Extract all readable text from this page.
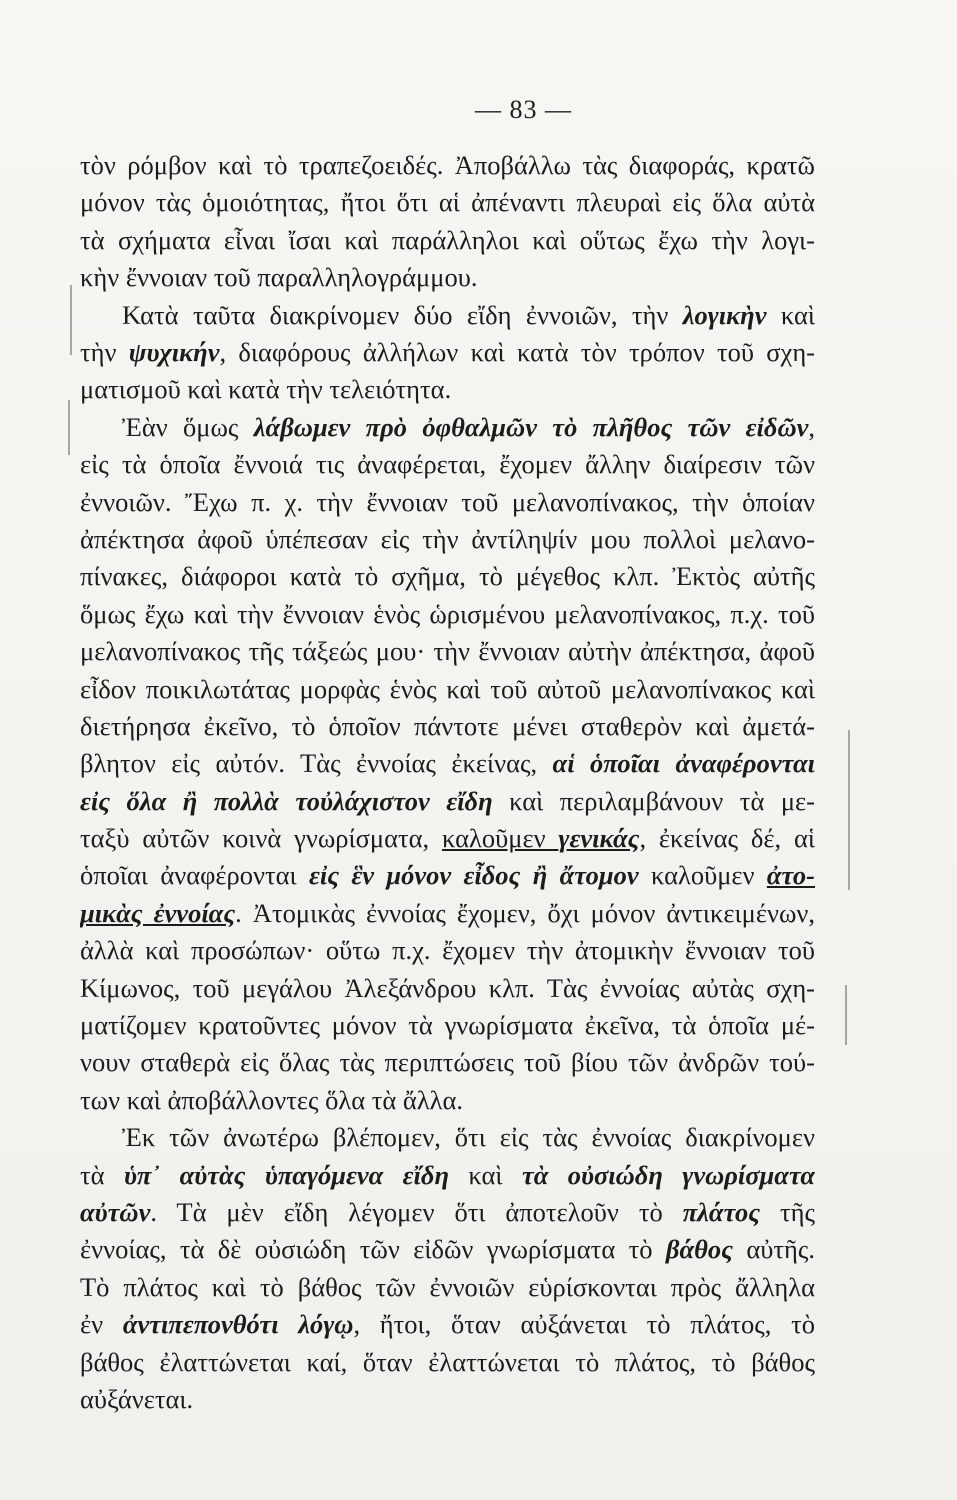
— 83 —
τὸν ρόμβον καὶ τὸ τραπεζοειδές. Ἀποβάλλω τὰς διαφοράς, κρατῶ
μόνον τὰς ὁμοιότητας, ἤτοι ὅτι αἱ ἀπέναντι πλευραὶ εἰς ὅλα αὐτὰ
τὰ σχήματα εἶναι ἴσαι καὶ παράλληλοι καὶ οὕτως ἔχω τὴν λογι-
κὴν ἔννοιαν τοῦ παραλληλογράμμου.
Κατὰ ταῦτα διακρίνομεν δύο εἴδη ἐννοιῶν, τὴν λογικὴν καὶ
τὴν ψυχικήν, διαφόρους ἀλλήλων καὶ κατὰ τὸν τρόπον τοῦ σχη-
ματισμοῦ καὶ κατὰ τὴν τελειότητα.
Ἐὰν ὅμως λάβωμεν πρὸ ὀφθαλμῶν τὸ πλῆθος τῶν εἰδῶν,
εἰς τὰ ὁποῖα ἔννοιά τις ἀναφέρεται, ἔχομεν ἄλλην διαίρεσιν τῶν
ἐννοιῶν. Ἔχω π. χ. τὴν ἔννοιαν τοῦ μελανοπίνακος, τὴν ὁποίαν
ἀπέκτησα ἀφοῦ ὑπέπεσαν εἰς τὴν ἀντίληψίν μου πολλοὶ μελανο-
πίνακες, διάφοροι κατὰ τὸ σχῆμα, τὸ μέγεθος κλπ. Ἐκτὸς αὐτῆς
ὅμως ἔχω καὶ τὴν ἔννοιαν ἑνὸς ὡρισμένου μελανοπίνακος, π.χ. τοῦ
μελανοπίνακος τῆς τάξεώς μου· τὴν ἔννοιαν αὐτὴν ἀπέκτησα, ἀφοῦ
εἶδον ποικιλωτάτας μορφὰς ἑνὸς καὶ τοῦ αὐτοῦ μελανοπίνακος καὶ
διετήρησα ἐκεῖνο, τὸ ὁποῖον πάντοτε μένει σταθερὸν καὶ ἀμετά-
βλητον εἰς αὐτόν. Τὰς ἐννοίας ἐκείνας, αἱ ὁποῖαι ἀναφέρονται
εἰς ὅλα ἢ πολλὰ τοὐλάχιστον εἴδη καὶ περιλαμβάνουν τὰ με-
ταξὺ αὐτῶν κοινὰ γνωρίσματα, καλοῦμεν γενικάς, ἐκείνας δέ, αἱ
ὁποῖαι ἀναφέρονται εἰς ἓν μόνον εἶδος ἢ ἄτομον καλοῦμεν ἀτο-
μικὰς ἐννοίας. Ἀτομικὰς ἐννοίας ἔχομεν, ὄχι μόνον ἀντικειμένων,
ἀλλὰ καὶ προσώπων· οὕτω π.χ. ἔχομεν τὴν ἀτομικὴν ἔννοιαν τοῦ
Κίμωνος, τοῦ μεγάλου Ἀλεξάνδρου κλπ. Τὰς ἐννοίας αὐτὰς σχη-
ματίζομεν κρατοῦντες μόνον τὰ γνωρίσματα ἐκεῖνα, τὰ ὁποῖα μέ-
νουν σταθερὰ εἰς ὅλας τὰς περιπτώσεις τοῦ βίου τῶν ἀνδρῶν τού-
των καὶ ἀποβάλλοντες ὅλα τὰ ἄλλα.
Ἐκ τῶν ἀνωτέρω βλέπομεν, ὅτι εἰς τὰς ἐννοίας διακρίνομεν
τὰ ὑπ᾽ αὐτὰς ὑπαγόμενα εἴδη καὶ τὰ οὐσιώδη γνωρίσματα
αὐτῶν. Τὰ μὲν εἴδη λέγομεν ὅτι ἀποτελοῦν τὸ πλάτος τῆς
ἐννοίας, τὰ δὲ οὐσιώδη τῶν εἰδῶν γνωρίσματα τὸ βάθος αὐτῆς.
Τὸ πλάτος καὶ τὸ βάθος τῶν ἐννοιῶν εὑρίσκονται πρὸς ἄλληλα
ἐν ἀντιπεπονθότι λόγῳ, ἤτοι, ὅταν αὐξάνεται τὸ πλάτος, τὸ
βάθος ἐλαττώνεται καί, ὅταν ἐλαττώνεται τὸ πλάτος, τὸ βάθος
αὐξάνεται.
